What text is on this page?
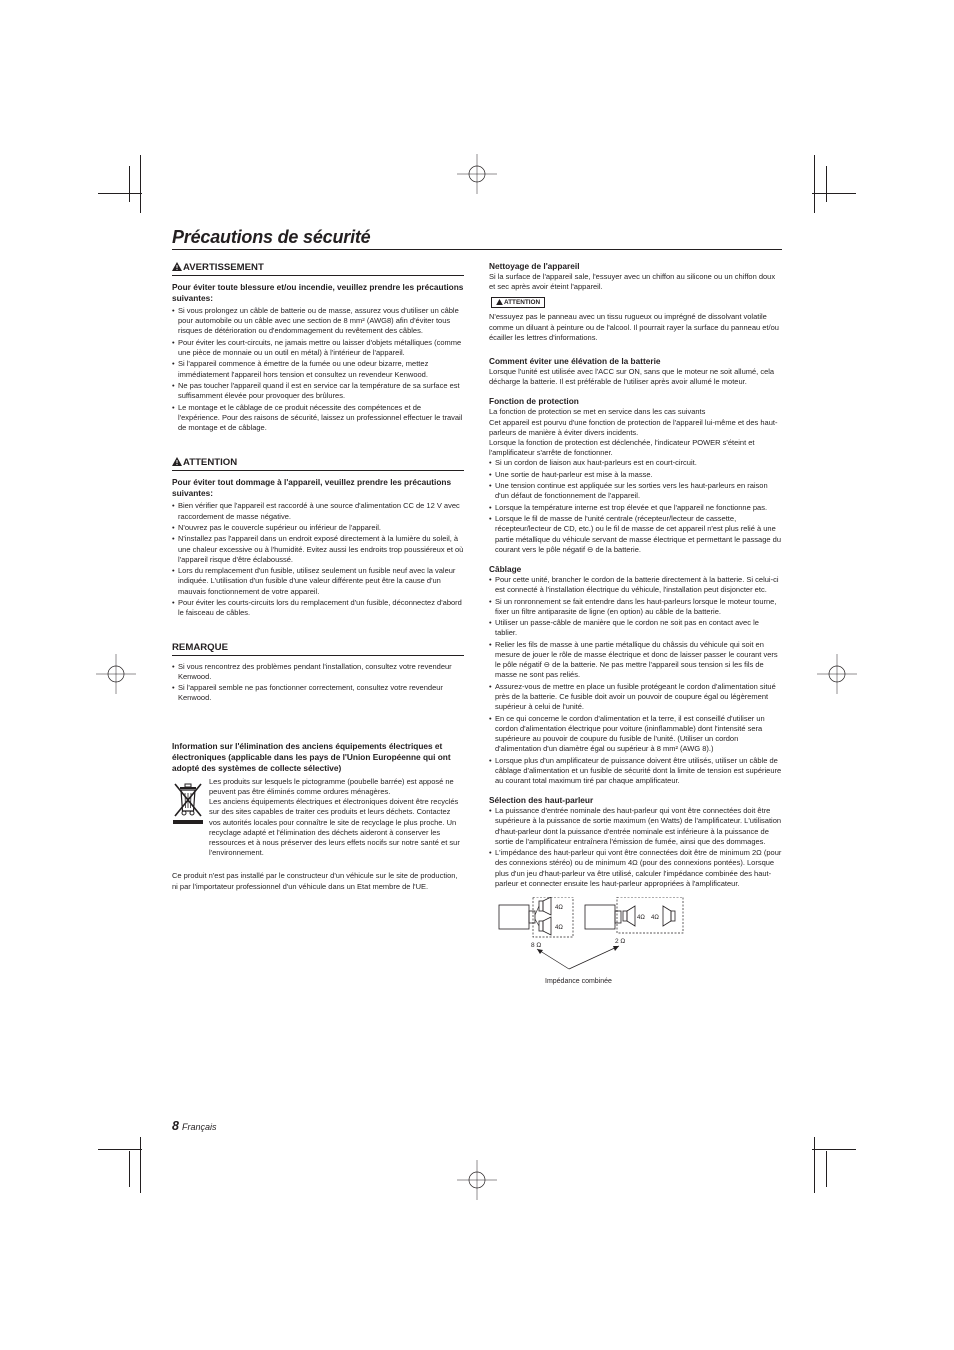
Précautions de sécurité
AVERTISSEMENT
Pour éviter toute blessure et/ou incendie, veuillez prendre les précautions suivantes:
• Si vous prolongez un câble de batterie ou de masse, assurez vous d'utiliser un câble pour automobile ou un câble avec une section de 8 mm² (AWG8) afin d'éviter tous risques de détérioration ou d'endommagement du revêtement des câbles.
• Pour éviter les court-circuits, ne jamais mettre ou laisser d'objets métalliques (comme une pièce de monnaie ou un outil en métal) à l'intérieur de l'appareil.
• Si l'appareil commence à émettre de la fumée ou une odeur bizarre, mettez immédiatement l'appareil hors tension et consultez un revendeur Kenwood.
• Ne pas toucher l'appareil quand il est en service car la température de sa surface est suffisamment élevée pour provoquer des brûlures.
• Le montage et le câblage de ce produit nécessite des compétences et de l'expérience. Pour des raisons de sécurité, laissez un professionnel effectuer le travail de montage et de câblage.
ATTENTION
Pour éviter tout dommage à l'appareil, veuillez prendre les précautions suivantes:
• Bien vérifier que l'appareil est raccordé à une source d'alimentation CC de 12 V avec raccordement de masse négative.
• N'ouvrez pas le couvercle supérieur ou inférieur de l'appareil.
• N'installez pas l'appareil dans un endroit exposé directement à la lumière du soleil, à une chaleur excessive ou à l'humidité. Evitez aussi les endroits trop poussiéreux et où l'appareil risque d'être éclaboussé.
• Lors du remplacement d'un fusible, utilisez seulement un fusible neuf avec la valeur indiquée. L'utilisation d'un fusible d'une valeur différente peut être la cause d'un mauvais fonctionnement de votre appareil.
• Pour éviter les courts-circuits lors du remplacement d'un fusible, déconnectez d'abord le faisceau de câbles.
REMARQUE
• Si vous rencontrez des problèmes pendant l'installation, consultez votre revendeur Kenwood.
• Si l'appareil semble ne pas fonctionner correctement, consultez votre revendeur Kenwood.
Information sur l'élimination des anciens équipements électriques et électroniques (applicable dans les pays de l'Union Européenne qui ont adopté des systèmes de collecte sélective)

Les produits sur lesquels le pictogramme (poubelle barrée) est apposé ne peuvent pas être éliminés comme ordures ménagères.

Les anciens équipements électriques et électroniques doivent être recyclés sur des sites capables de traiter ces produits et leurs déchets. Contactez vos autorités locales pour connaître le site de recyclage le plus proche. Un recyclage adapté et l'élimination des déchets aideront à conserver les ressources et à nous préserver des leurs effets nocifs sur notre santé et sur l'environnement.

Ce produit n'est pas installé par le constructeur d'un véhicule sur le site de production, ni par l'importateur professionnel d'un véhicule dans un Etat membre de l'UE.

Nettoyage de l'appareil

Si la surface de l'appareil sale, l'essuyer avec un chiffon au silicone ou un chiffon doux et sec après avoir éteint l'appareil.

ATTENTION

N'essuyez pas le panneau avec un tissu rugueux ou imprégné de dissolvant volatile comme un diluant à peinture ou de l'alcool. Il pourrait rayer la surface du panneau et/ou écailler les lettres d'informations.

Comment éviter une élévation de la batterie

Lorsque l'unité est utilisée avec l'ACC sur ON, sans que le moteur ne soit allumé, cela décharge la batterie. Il est préférable de l'utiliser après avoir allumé le moteur.

Fonction de protection

La fonction de protection se met en service dans les cas suivants

Cet appareil est pourvu d'une fonction de protection de l'appareil lui-même et des haut-parleurs de manière à éviter divers incidents.

Lorsque la fonction de protection est déclenchée, l'indicateur POWER s'éteint et l'amplificateur s'arrête de fonctionner.

• Si un cordon de liaison aux haut-parleurs est en court-circuit.
• Une sortie de haut-parleur est mise à la masse.
• Une tension continue est appliquée sur les sorties vers les haut-parleurs en raison d'un défaut de fonctionnement de l'appareil.
• Lorsque la température interne est trop élevée et que l'appareil ne fonctionne pas.
• Lorsque le fil de masse de l'unité centrale (récepteur/lecteur de cassette, récepteur/lecteur de CD, etc.) ou le fil de masse de cet appareil n'est plus relié à une partie métallique du véhicule servant de masse électrique et permettant le passage du courant vers le pôle négatif ⊖ de la batterie.
Câblage
• Pour cette unité, brancher le cordon de la batterie directement à la batterie. Si celui-ci est connecté à l'installation électrique du véhicule, l'installation peut disjoncter etc.
• Si un ronronnement se fait entendre dans les haut-parleurs lorsque le moteur tourne, fixer un filtre antiparasite de ligne (en option) au câble de la batterie.
• Utiliser un passe-câble de manière que le cordon ne soit pas en contact avec le tablier.
• Relier les fils de masse à une partie métallique du châssis du véhicule qui soit en mesure de jouer le rôle de masse électrique et donc de laisser passer le courant vers le pôle négatif ⊖ de la batterie. Ne pas mettre l'appareil sous tension si les fils de masse ne sont pas reliés.
• Assurez-vous de mettre en place un fusible protégeant le cordon d'alimentation situé près de la batterie. Ce fusible doit avoir un pouvoir de coupure égal ou légèrement supérieur à celui de l'unité.
• En ce qui concerne le cordon d'alimentation et la terre, il est conseillé d'utiliser un cordon d'alimentation électrique pour voiture (ininflammable) dont l'intensité sera supérieure au pouvoir de coupure du fusible de l'unité. (Utiliser un cordon d'alimentation d'un diamètre égal ou supérieur à 8 mm² (AWG 8).)
• Lorsque plus d'un amplificateur de puissance doivent être utilisés, utiliser un câble de câblage d'alimentation et un fusible de sécurité dont la limite de tension est supérieure au courant total maximum tiré par chaque amplificateur.
Sélection des haut-parleur
• La puissance d'entrée nominale des haut-parleur qui vont être connectées doit être supérieure à la puissance de sortie maximum (en Watts) de l'amplificateur. L'utilisation d'haut-parleur dont la puissance d'entrée nominale est inférieure à la puissance de sortie de l'amplificateur entraînera l'émission de fumée, ainsi que des dommages.
• L'impédance des haut-parleur qui vont être connectées doit être de minimum 2Ω (pour des connexions stéréo) ou de minimum 4Ω (pour des connexions pontées). Lorsque plus d'un jeu d'haut-parleur va être utilisé, calculer l'impédance combinée des haut-parleur et connecter ensuite les haut-parleur appropriées à l'amplificateur.
4Ω
4Ω
8 Ω
4Ω 4Ω
2 Ω
Impédance combinée
8 Français
